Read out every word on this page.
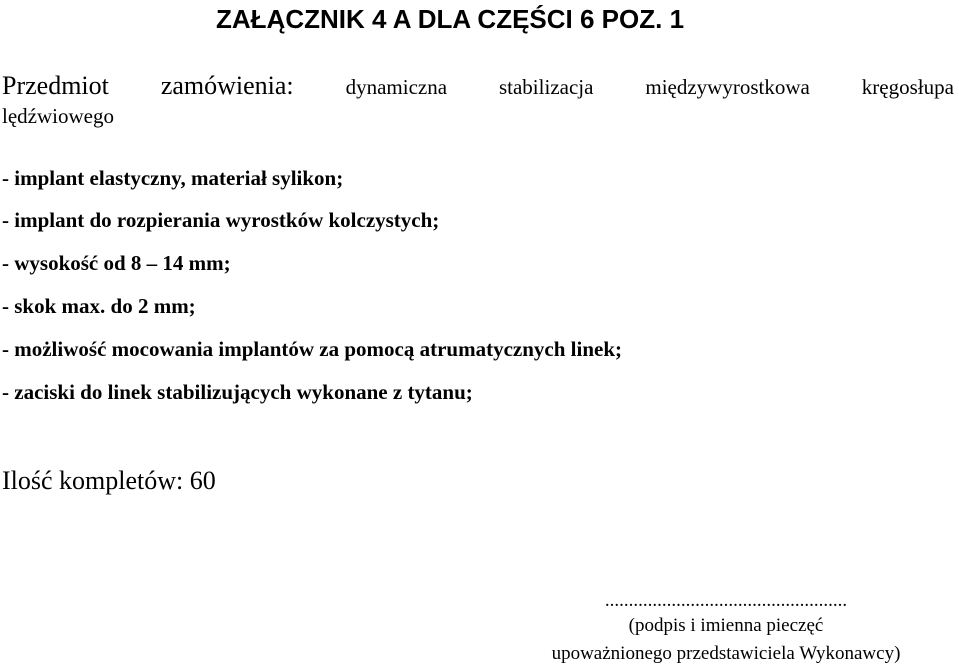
ZAŁĄCZNIK 4 A DLA CZĘŚCI 6 POZ. 1
Przedmiot zamówienia: dynamiczna stabilizacja międzywyrostkowa kręgosłupa
lędźwiowego

- implant elastyczny, materiał sylikon;

- implant do rozpierania wyrostków kolczystych;

- wysokość od 8 – 14 mm;

- skok max. do 2 mm;

- możliwość mocowania implantów za pomocą atrumatycznych linek;

- zaciski do linek stabilizujących wykonane z tytanu;

Ilość kompletów: 60

...................................................
(podpis i imienna pieczęć
upoważnionego przedstawiciela Wykonawcy)
